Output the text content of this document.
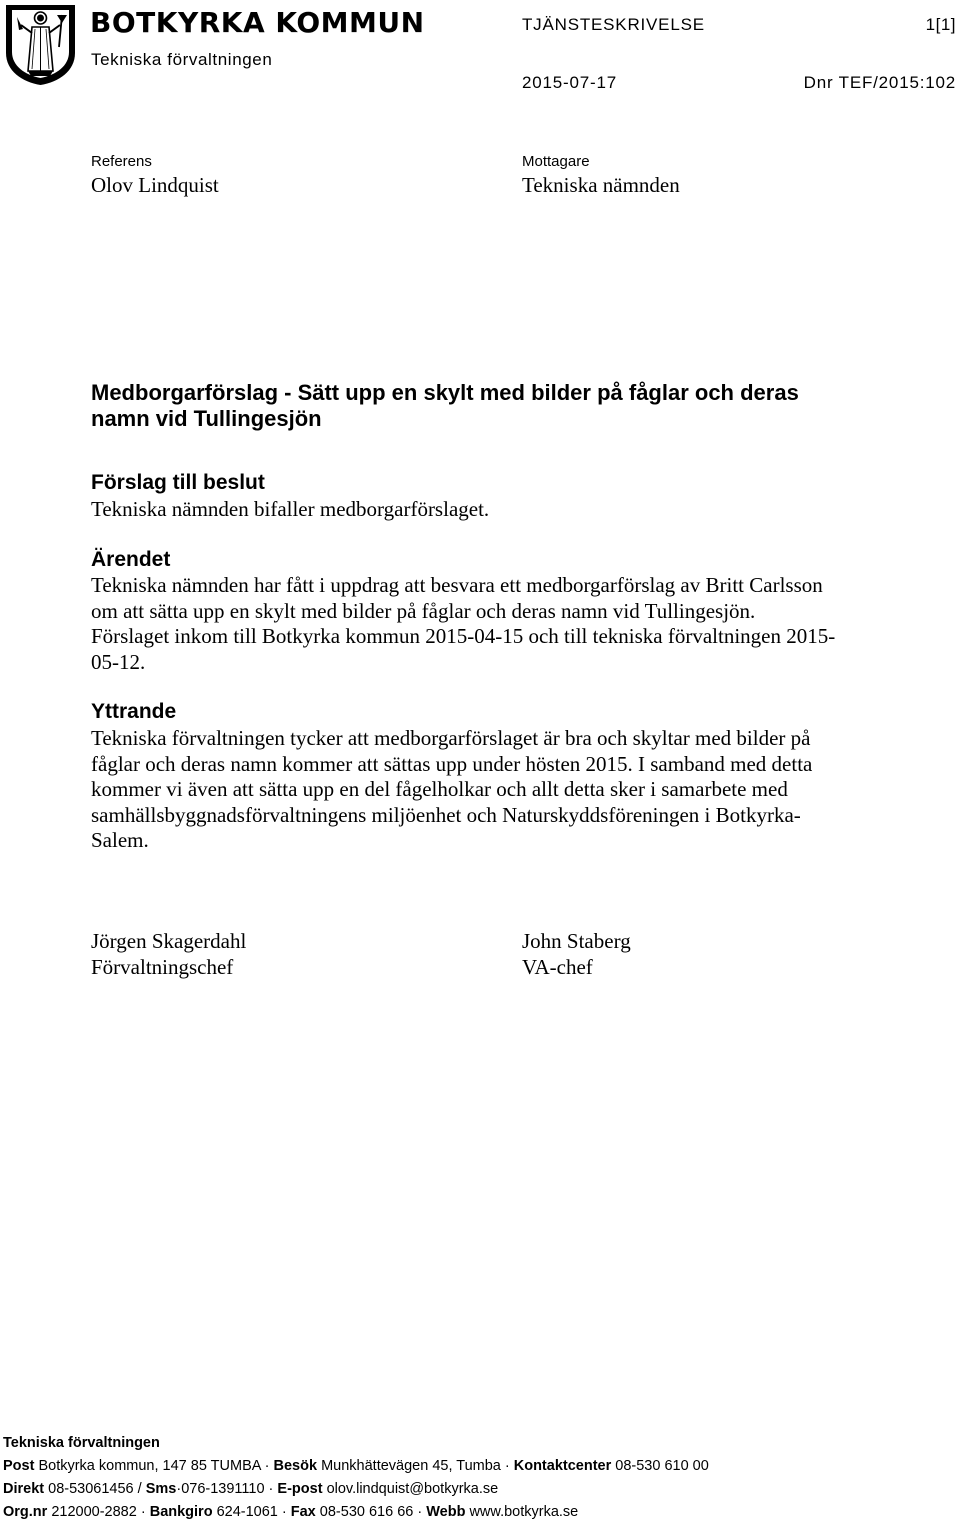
BOTKYRKA KOMMUN
Tekniska förvaltningen
TJÄNSTESKRIVELSE	1[1]
2015-07-17	Dnr TEF/2015:102
Referens
Olov Lindquist
Mottagare
Tekniska nämnden
Medborgarförslag - Sätt upp en skylt med bilder på fåglar och deras namn vid Tullingesjön
Förslag till beslut
Tekniska nämnden bifaller medborgarförslaget.
Ärendet
Tekniska nämnden har fått i uppdrag att besvara ett medborgarförslag av Britt Carlsson om att sätta upp en skylt med bilder på fåglar och deras namn vid Tullingesjön. Förslaget inkom till Botkyrka kommun 2015-04-15 och till tekniska förvaltningen 2015-05-12.
Yttrande
Tekniska förvaltningen tycker att medborgarförslaget är bra och skyltar med bilder på fåglar och deras namn kommer att sättas upp under hösten 2015. I samband med detta kommer vi även att sätta upp en del fågelholkar och allt detta sker i samarbete med samhällsbyggnadsförvaltningens miljöenhet och Naturskyddsföreningen i Botkyrka-Salem.
Jörgen Skagerdahl
Förvaltningschef
John Staberg
VA-chef
Tekniska förvaltningen
Post Botkyrka kommun, 147 85 TUMBA · Besök Munkhättevägen 45, Tumba · Kontaktcenter 08-530 610 00
Direkt 08-53061456 / Sms·076-1391110 · E-post olov.lindquist@botkyrka.se
Org.nr 212000-2882 · Bankgiro 624-1061 · Fax 08-530 616 66 · Webb www.botkyrka.se
